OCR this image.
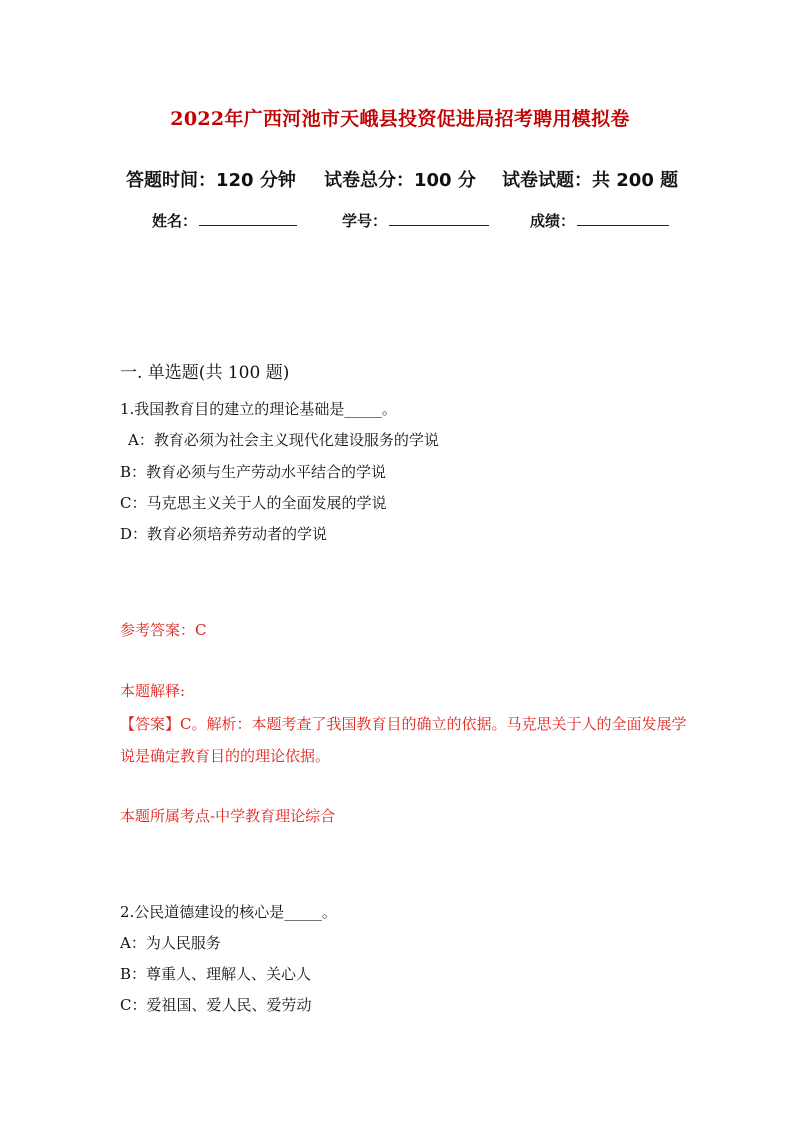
2022年广西河池市天峨县投资促进局招考聘用模拟卷
答题时间：120 分钟 试卷总分：100 分 试卷试题：共 200 题
姓名：	学号：	成绩：
一. 单选题(共 100 题)
1.我国教育目的建立的理论基础是_____。
A：教育必须为社会主义现代化建设服务的学说
B：教育必须与生产劳动水平结合的学说
C：马克思主义关于人的全面发展的学说
D：教育必须培养劳动者的学说
参考答案：C
本题解释:
【答案】C。解析：本题考查了我国教育目的确立的依据。马克思关于人的全面发展学说是确定教育目的的理论依据。
本题所属考点-中学教育理论综合
2.公民道德建设的核心是_____。
A：为人民服务
B：尊重人、理解人、关心人
C：爱祖国、爱人民、爱劳动
